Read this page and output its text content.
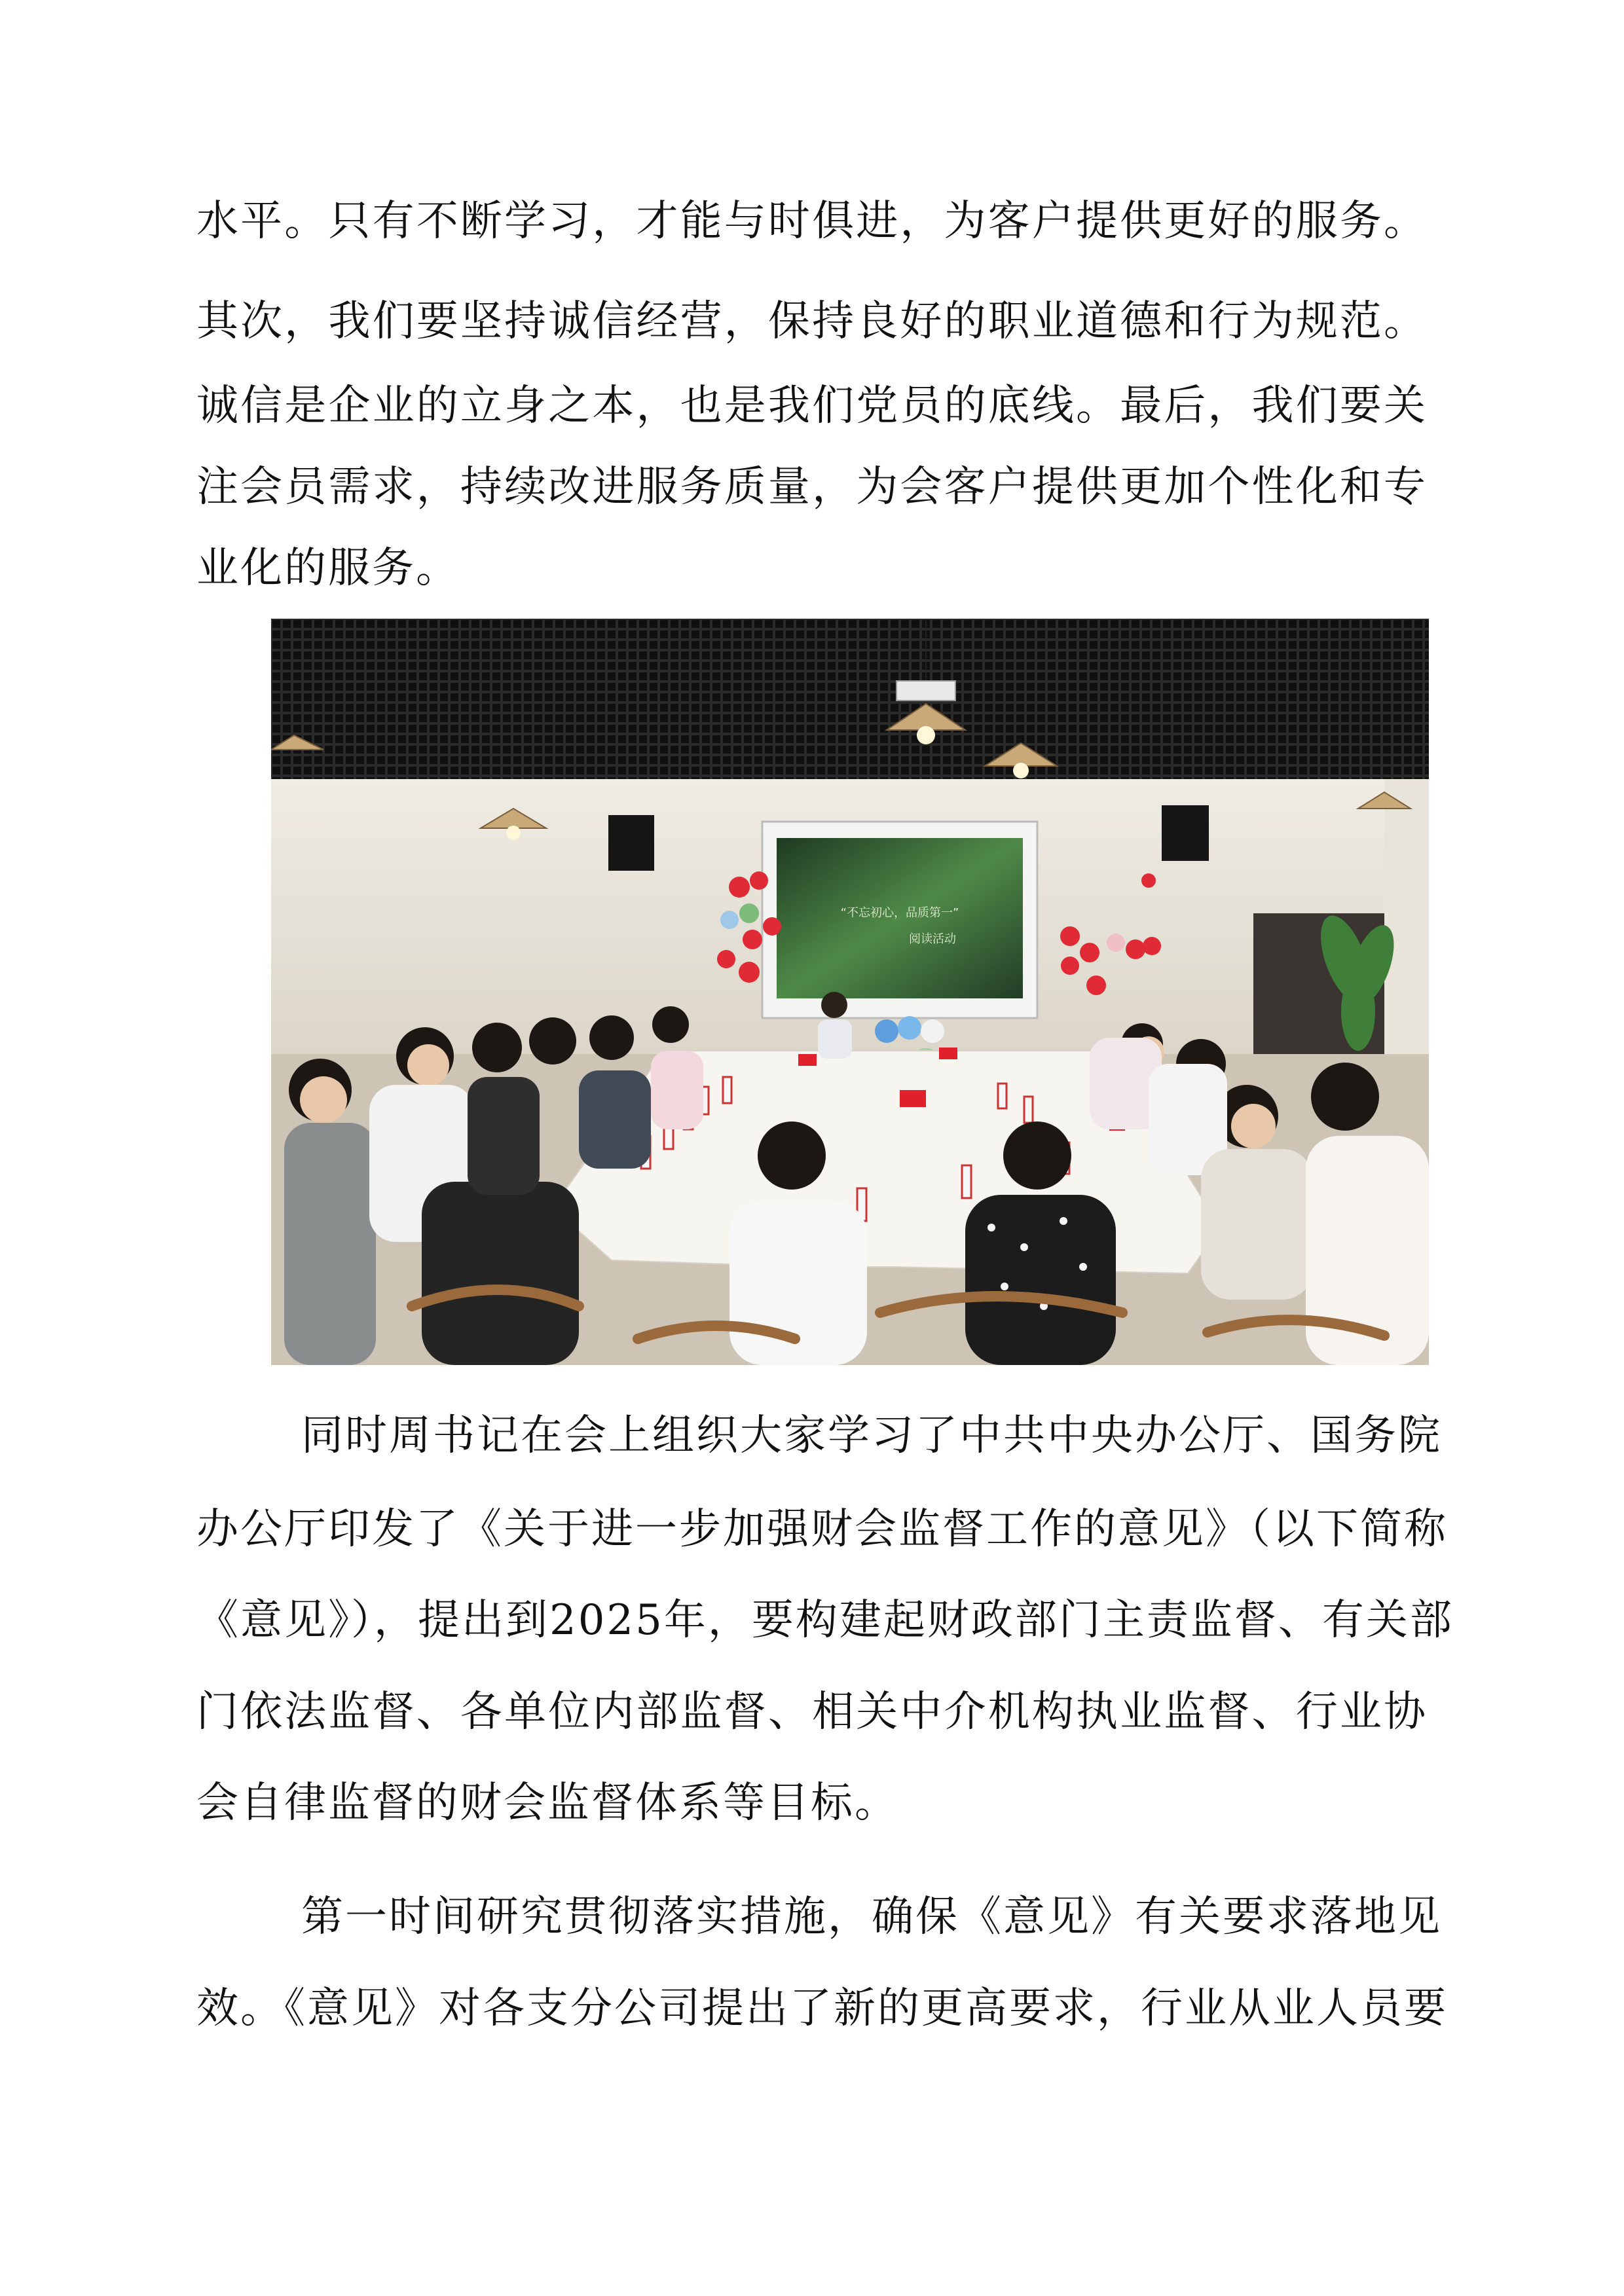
水平。只有不断学习，才能与时俱进，为客户提供更好的服务。
其次，我们要坚持诚信经营，保持良好的职业道德和行为规范。
诚信是企业的立身之本，也是我们党员的底线。最后，我们要关
注会员需求，持续改进服务质量，为会客户提供更加个性化和专
业化的服务。
“不忘初心，品质第一”
阅读活动
同时周书记在会上组织大家学习了中共中央办公厅、国务院
办公厅印发了《关于进一步加强财会监督工作的意见》（以下简称
《意见》），提出到2025年，要构建起财政部门主责监督、有关部
门依法监督、各单位内部监督、相关中介机构执业监督、行业协
会自律监督的财会监督体系等目标。
第一时间研究贯彻落实措施，确保《意见》有关要求落地见
效。《意见》对各支分公司提出了新的更高要求，行业从业人员要
